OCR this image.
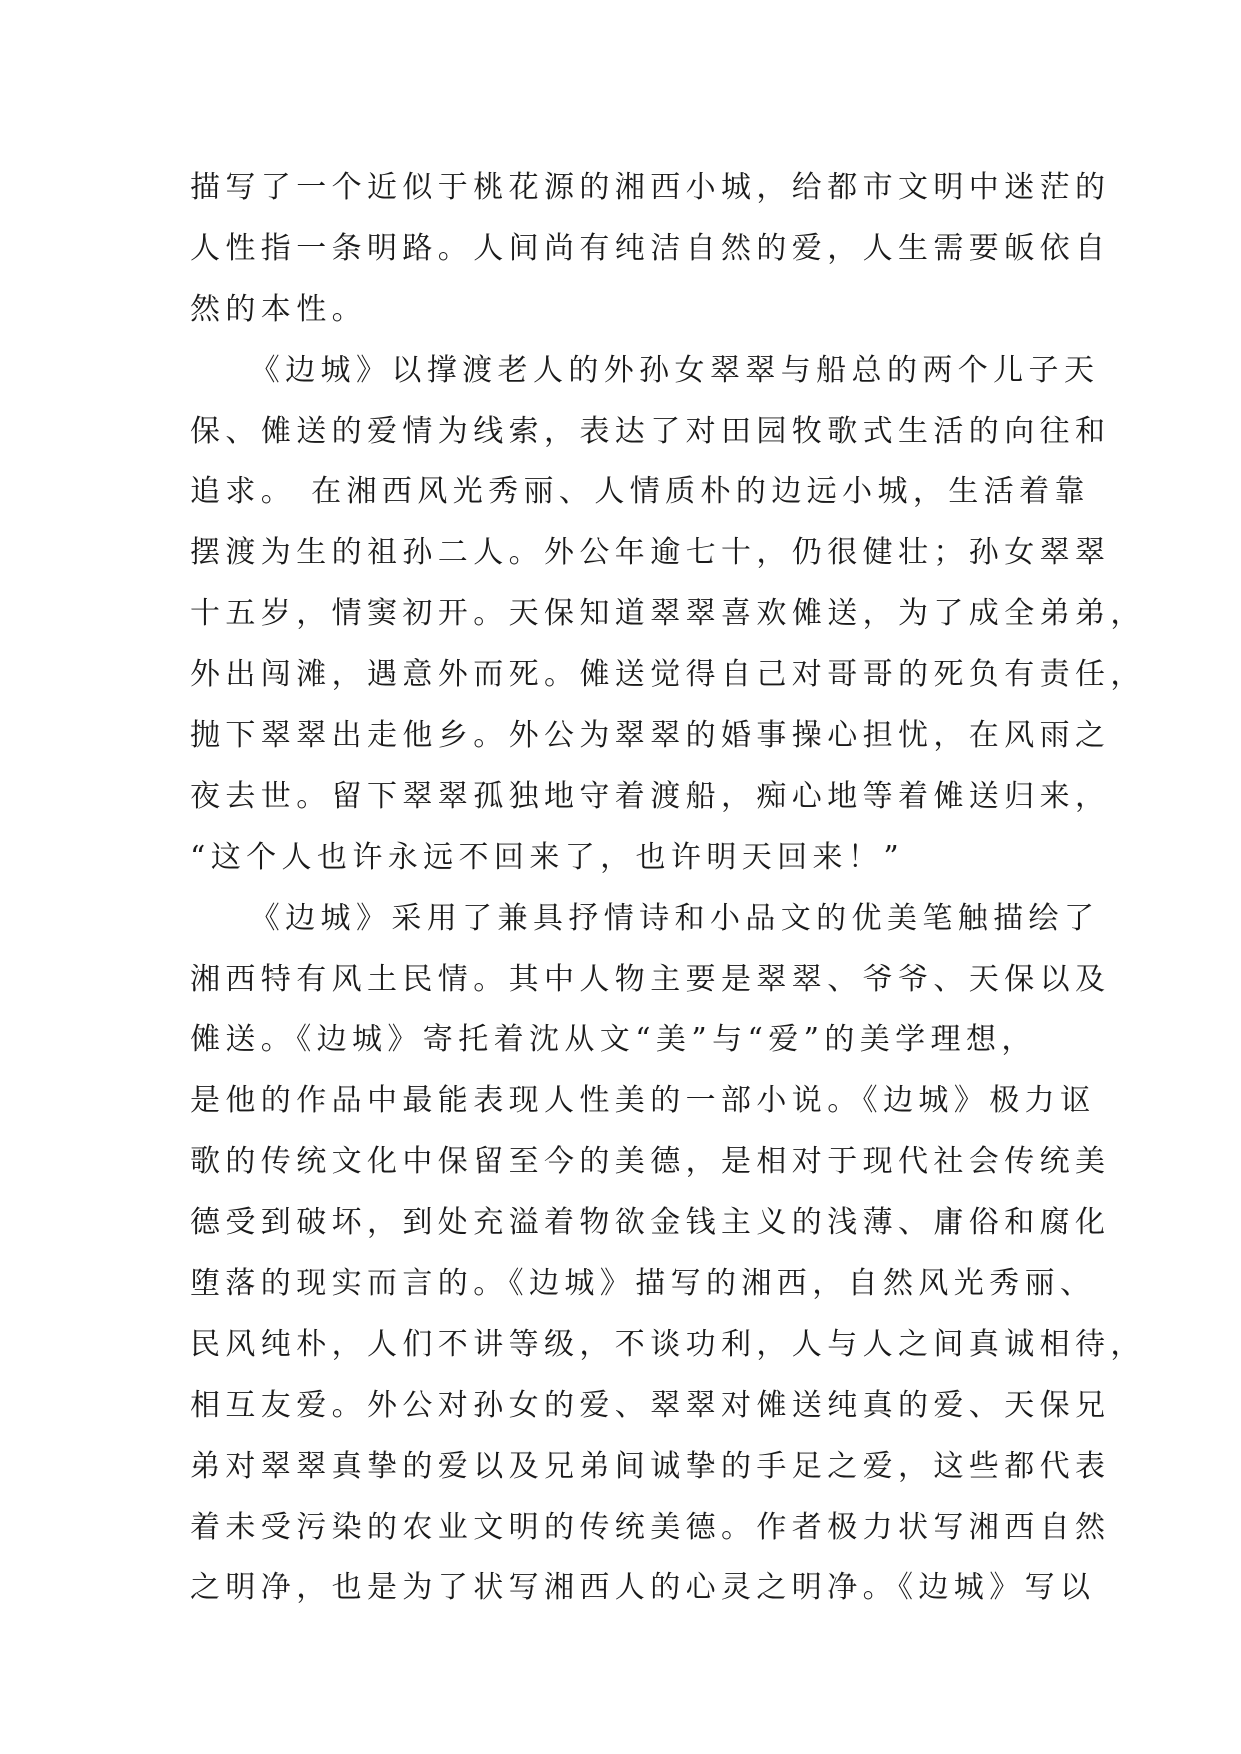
描写了一个近似于桃花源的湘西小城，给都市文明中迷茫的
人性指一条明路。人间尚有纯洁自然的爱，人生需要皈依自
然的本性。
《边城》以撑渡老人的外孙女翠翠与船总的两个儿子天
保、傩送的爱情为线索，表达了对田园牧歌式生活的向往和
追求。 在湘西风光秀丽、人情质朴的边远小城，生活着靠
摆渡为生的祖孙二人。外公年逾七十，仍很健壮；孙女翠翠
十五岁，情窦初开。天保知道翠翠喜欢傩送，为了成全弟弟，
外出闯滩，遇意外而死。傩送觉得自己对哥哥的死负有责任，
抛下翠翠出走他乡。外公为翠翠的婚事操心担忧，在风雨之
夜去世。留下翠翠孤独地守着渡船，痴心地等着傩送归来，
“这个人也许永远不回来了，也许明天回来！”
《边城》采用了兼具抒情诗和小品文的优美笔触描绘了
湘西特有风土民情。其中人物主要是翠翠、爷爷、天保以及
傩送。《边城》寄托着沈从文“美”与“爱”的美学理想，
是他的作品中最能表现人性美的一部小说。《边城》极力讴
歌的传统文化中保留至今的美德，是相对于现代社会传统美
德受到破坏，到处充溢着物欲金钱主义的浅薄、庸俗和腐化
堕落的现实而言的。《边城》描写的湘西，自然风光秀丽、
民风纯朴，人们不讲等级，不谈功利，人与人之间真诚相待，
相互友爱。外公对孙女的爱、翠翠对傩送纯真的爱、天保兄
弟对翠翠真挚的爱以及兄弟间诚挚的手足之爱，这些都代表
着未受污染的农业文明的传统美德。作者极力状写湘西自然
之明净，也是为了状写湘西人的心灵之明净。《边城》写以
